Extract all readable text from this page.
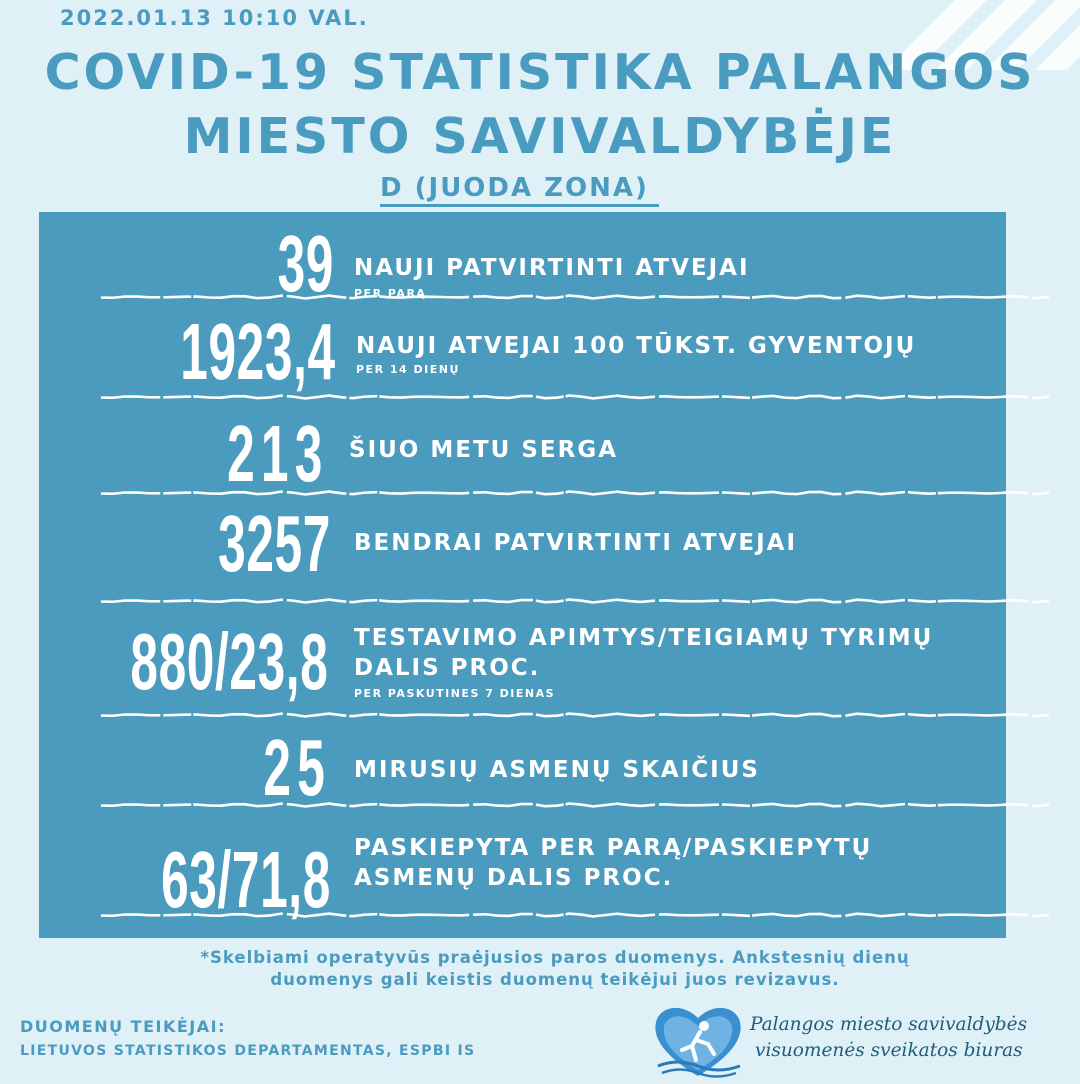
2022.01.13 10:10 VAL.
COVID-19 STATISTIKA PALANGOS
MIESTO SAVIVALDYBĖJE
D (JUODA ZONA)
39 NAUJI PATVIRTINTI ATVEJAI
PER PARĄ
1923,4 NAUJI ATVEJAI 100 TŪKST. GYVENTOJŲ
PER 14 DIENŲ
213 ŠIUO METU SERGA
3257 BENDRAI PATVIRTINTI ATVEJAI
880/23,8 TESTAVIMO APIMTYS/TEIGIAMŲ TYRIMŲ
DALIS PROC.
PER PASKUTINES 7 DIENAS
25 MIRUSIŲ ASMENŲ SKAIČIUS
63/71,8 PASKIEPYTA PER PARĄ/PASKIEPYTŲ
ASMENŲ DALIS PROC.
*Skelbiami operatyvūs praėjusios paros duomenys. Ankstesnių dienų
duomenys gali keistis duomenų teikėjui juos revizavus.
DUOMENŲ TEIKĖJAI:
LIETUVOS STATISTIKOS DEPARTAMENTAS, ESPBI IS
Palangos miesto savivaldybės
visuomenės sveikatos biuras
